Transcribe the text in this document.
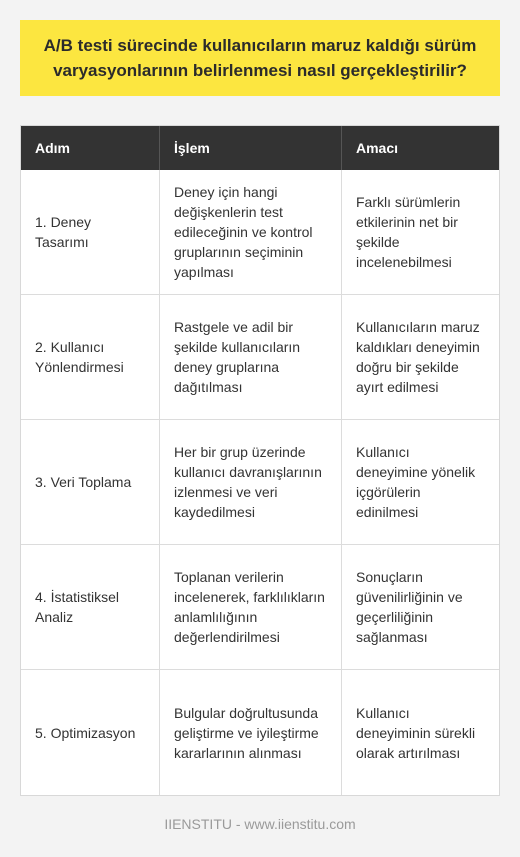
A/B testi sürecinde kullanıcıların maruz kaldığı sürüm varyasyonlarının belirlenmesi nasıl gerçekleştirilir?
Adım	İşlem	Amacı
1. Deney Tasarımı
Deney için hangi değişkenlerin test edileceğinin ve kontrol gruplarının seçiminin yapılması
Farklı sürümlerin etkilerinin net bir şekilde incelenebilmesi
2. Kullanıcı Yönlendirmesi
Rastgele ve adil bir şekilde kullanıcıların deney gruplarına dağıtılması
Kullanıcıların maruz kaldıkları deneyimin doğru bir şekilde ayırt edilmesi
3. Veri Toplama
Her bir grup üzerinde kullanıcı davranışlarının izlenmesi ve veri kaydedilmesi
Kullanıcı deneyimine yönelik içgörülerin edinilmesi
4. İstatistiksel Analiz
Toplanan verilerin incelenerek, farklılıkların anlamlılığının değerlendirilmesi
Sonuçların güvenilirliğinin ve geçerliliğinin sağlanması
5. Optimizasyon
Bulgular doğrultusunda geliştirme ve iyileştirme kararlarının alınması
Kullanıcı deneyiminin sürekli olarak artırılması
IIENSTITU - www.iienstitu.com
